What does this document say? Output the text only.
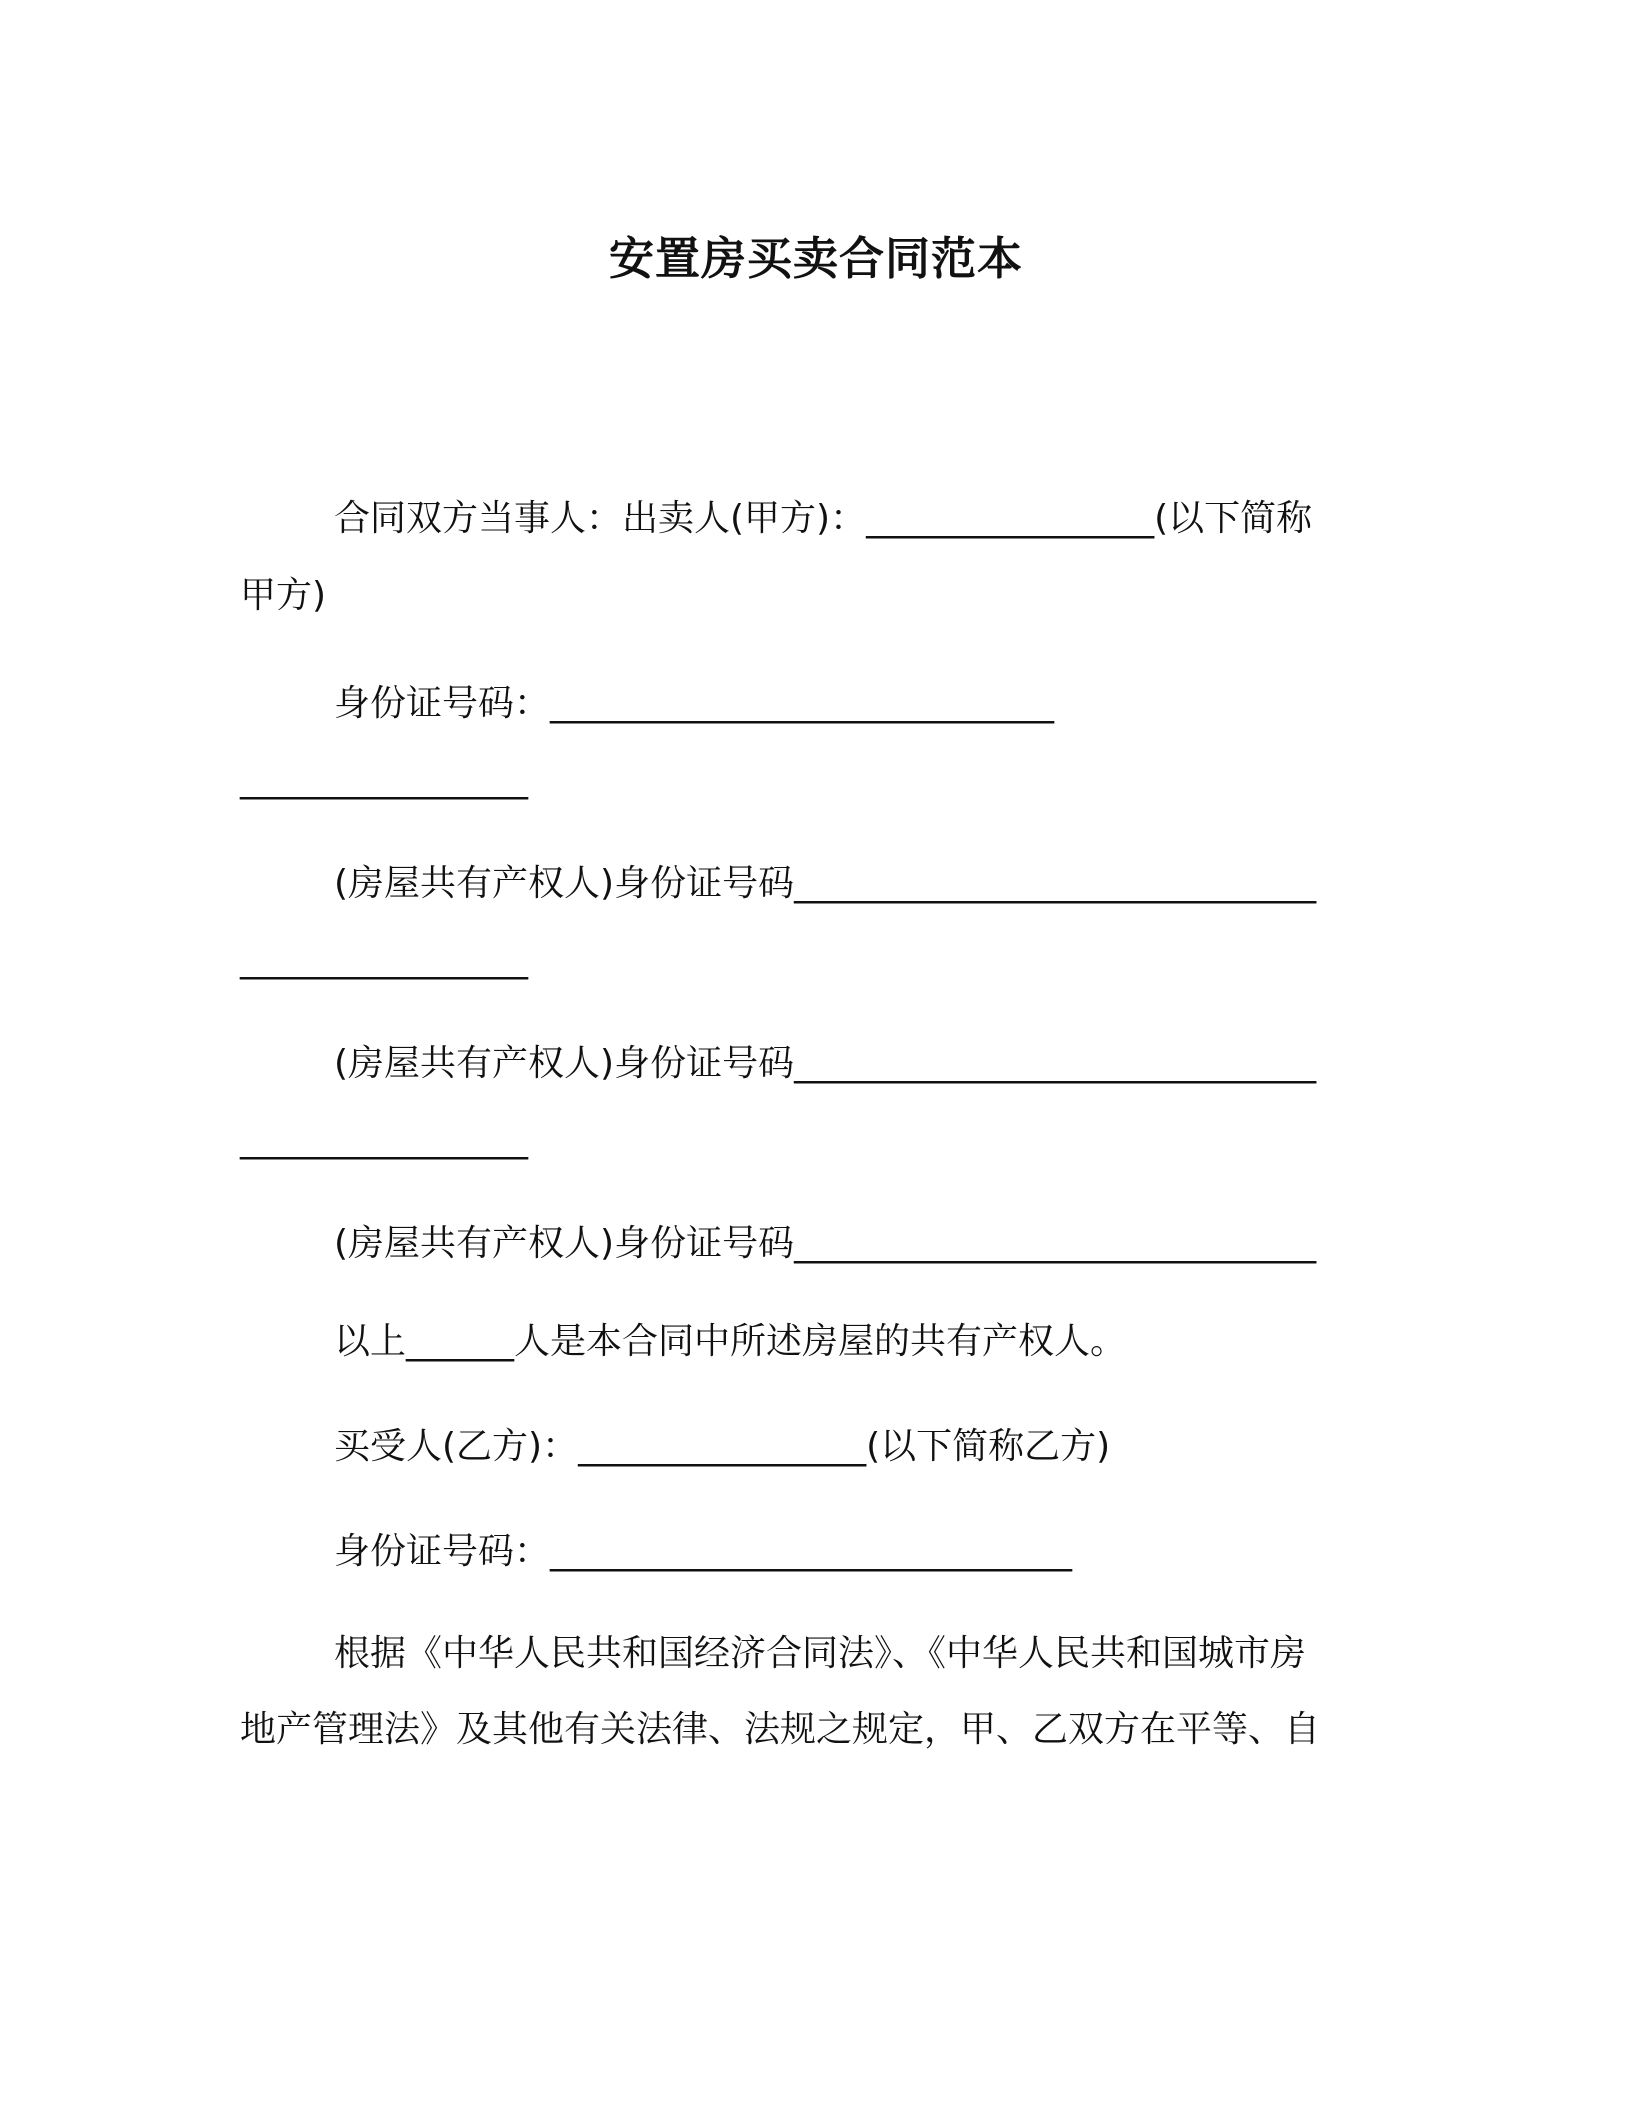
安置房买卖合同范本

合同双方当事人：出卖人(甲方)：________________(以下简称

甲方)

身份证号码：____________________________

________________

(房屋共有产权人)身份证号码_____________________________

________________

(房屋共有产权人)身份证号码_____________________________

________________

(房屋共有产权人)身份证号码_____________________________

以上______人是本合同中所述房屋的共有产权人。

买受人(乙方)：________________(以下简称乙方)

身份证号码：_____________________________

根据《中华人民共和国经济合同法》、《中华人民共和国城市房

地产管理法》及其他有关法律、法规之规定，甲、乙双方在平等、自
